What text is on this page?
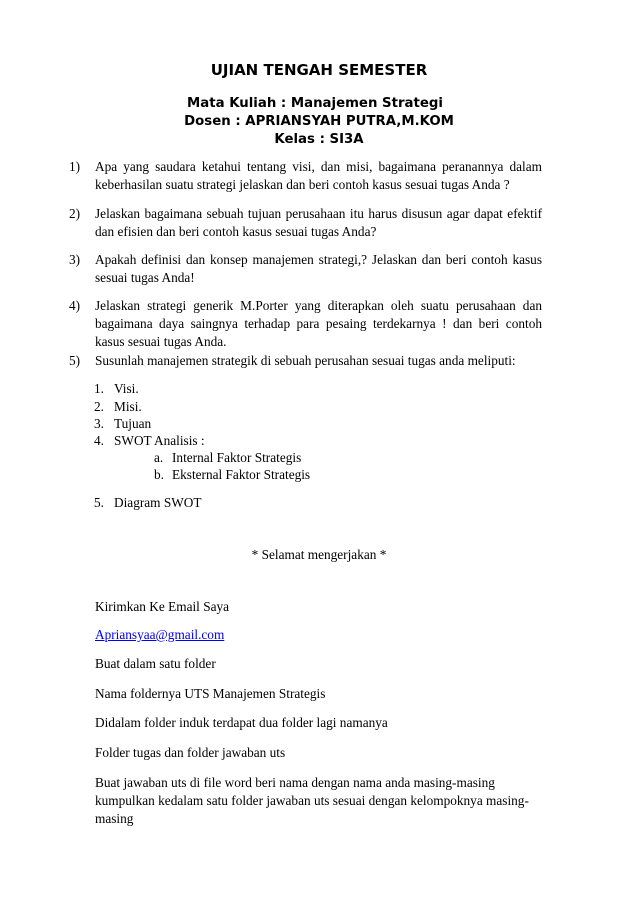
UJIAN TENGAH SEMESTER
Mata Kuliah : Manajemen Strategi
Dosen : APRIANSYAH PUTRA,M.KOM
Kelas : SI3A
1) Apa yang saudara ketahui tentang visi, dan misi, bagaimana peranannya dalam
keberhasilan suatu strategi jelaskan dan beri contoh kasus sesuai tugas Anda ?
2) Jelaskan bagaimana sebuah tujuan perusahaan itu harus disusun agar dapat efektif
dan efisien dan beri contoh kasus sesuai tugas Anda?
3) Apakah definisi dan konsep manajemen strategi,? Jelaskan dan beri contoh kasus
sesuai tugas Anda!
4) Jelaskan strategi generik M.Porter yang diterapkan oleh suatu perusahaan dan
bagaimana daya saingnya terhadap para pesaing terdekarnya ! dan beri contoh
kasus sesuai tugas Anda.
5) Susunlah manajemen strategik di sebuah perusahan sesuai tugas anda meliputi:
1. Visi.
2. Misi.
3. Tujuan
4. SWOT Analisis :
a. Internal Faktor Strategis
b. Eksternal Faktor Strategis
5. Diagram SWOT
* Selamat mengerjakan *
Kirimkan Ke Email Saya
Apriansyaa@gmail.com
Buat dalam satu folder
Nama foldernya UTS Manajemen Strategis
Didalam folder induk terdapat dua folder lagi namanya
Folder tugas dan folder jawaban uts
Buat jawaban uts di file word beri nama dengan nama anda masing-masing
kumpulkan kedalam satu folder jawaban uts sesuai dengan kelompoknya masing-
masing
